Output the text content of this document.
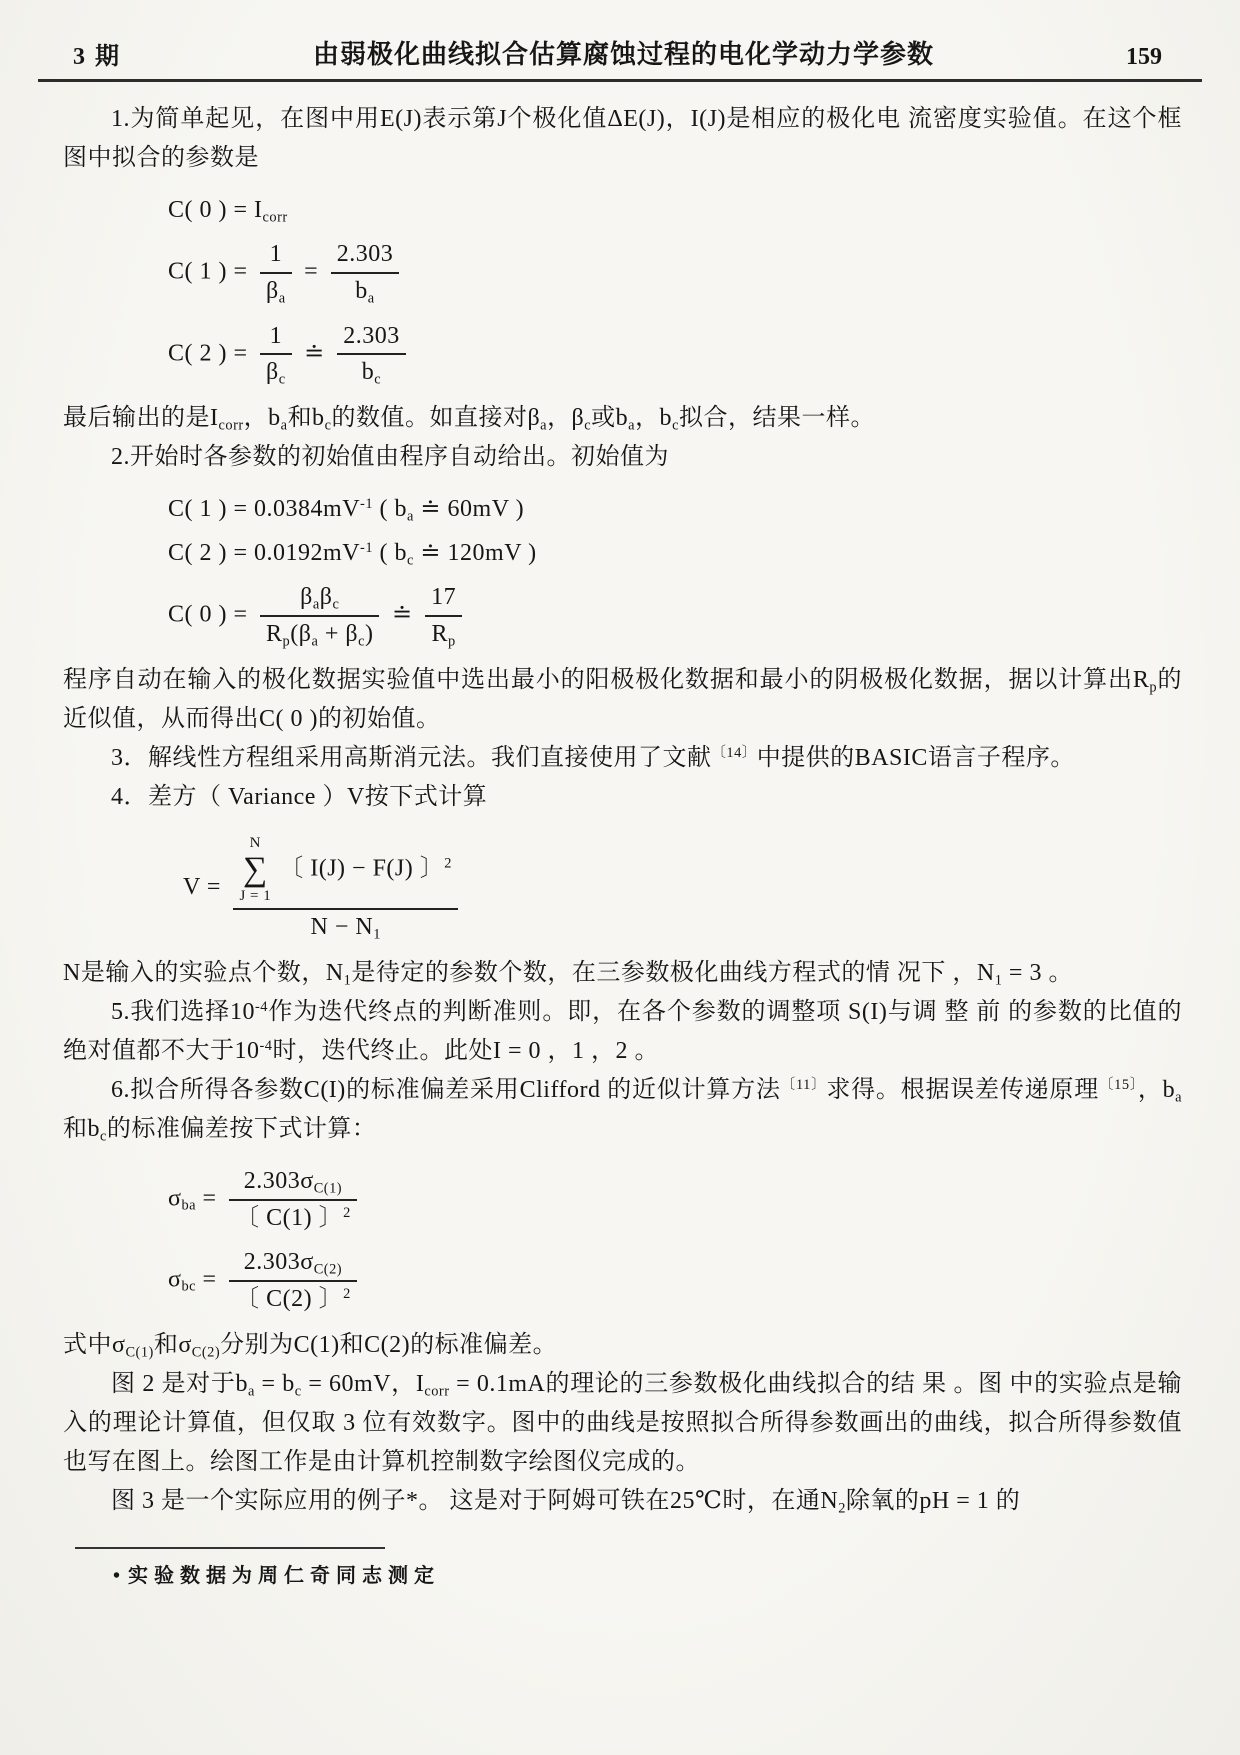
3 期	由弱极化曲线拟合估算腐蚀过程的电化学动力学参数	159

1.为简单起见，在图中用E(J)表示第J个极化值ΔE(J)，I(J)是相应的极化电 流密度实验值。在这个框图中拟合的参数是

C( 0 ) = $I_{corr}$
C( 1 ) = $\frac{1}{\beta_a} = \frac{2.303}{b_a}$
C( 2 ) = $\frac{1}{\beta_c}$ ≐ $\frac{2.303}{b_c}$

最后输出的是$I_{corr}$，$b_a$和$b_c$的数值。如直接对$\beta_a$，$\beta_c$或$b_a$，$b_c$拟合，结果一样。

2.开始时各参数的初始值由程序自动给出。初始值为

C( 1 ) = $0.0384mV^{-1}$ ( $b_a$ ≐ 60mV )
C( 2 ) = $0.0192mV^{-1}$ ( $b_c$ ≐ 120mV )
C( 0 ) = $\frac{\beta_a\beta_c}{R_p(\beta_a + \beta_c)}$ ≐ $\frac{17}{R_p}$

程序自动在输入的极化数据实验值中选出最小的阳极极化数据和最小的阴极极化数据，据以计算出$R_p$的近似值，从而得出C( 0 )的初始值。

3．解线性方程组采用高斯消元法。我们直接使用了文献$^{〔14〕}$中提供的BASIC语言子程序。

4．差方（ Variance ）V按下式计算

V = N
∑
J = 1
〔 I(J) − F(J) 〕$^2$
$N - N_1$

N是输入的实验点个数，$N_1$是待定的参数个数，在三参数极化曲线方程式的情 况下 ，$N_1 = 3$ 。

5.我们选择$10^{-4}$作为迭代终点的判断准则。即，在各个参数的调整项 S(I)与调 整 前 的参数的比值的绝对值都不大于$10^{-4}$时，迭代终止。此处I = 0 ，1 ，2 。

6.拟合所得各参数C(I)的标准偏差采用Clifford 的近似计算方法$^{〔11〕}$求得。根据误差传递原理$^{〔15〕}$，$b_a$和$b_c$的标准偏差按下式计算：

$\sigma_{ba} = \frac{2.303\sigma_{C(1)}}{〔 C(1) 〕^2}$
$\sigma_{bc} = \frac{2.303\sigma_{C(2)}}{〔 C(2) 〕^2}$

式中$\sigma_{C(1)}$和$\sigma_{C(2)}$分别为C(1)和C(2)的标准偏差。

图 2 是对于$b_a = b_c = 60mV$，$I_{corr} = 0.1mA$的理论的三参数极化曲线拟合的结 果 。图 中的实验点是输入的理论计算值，但仅取 3 位有效数字。图中的曲线是按照拟合所得参数画出的曲线，拟合所得参数值也写在图上。绘图工作是由计算机控制数字绘图仪完成的。

图 3 是一个实际应用的例子*。 这是对于阿姆可铁在25℃时，在通$N_2$除氧的pH = 1 的

• 实验数据为周仁奇同志测定
